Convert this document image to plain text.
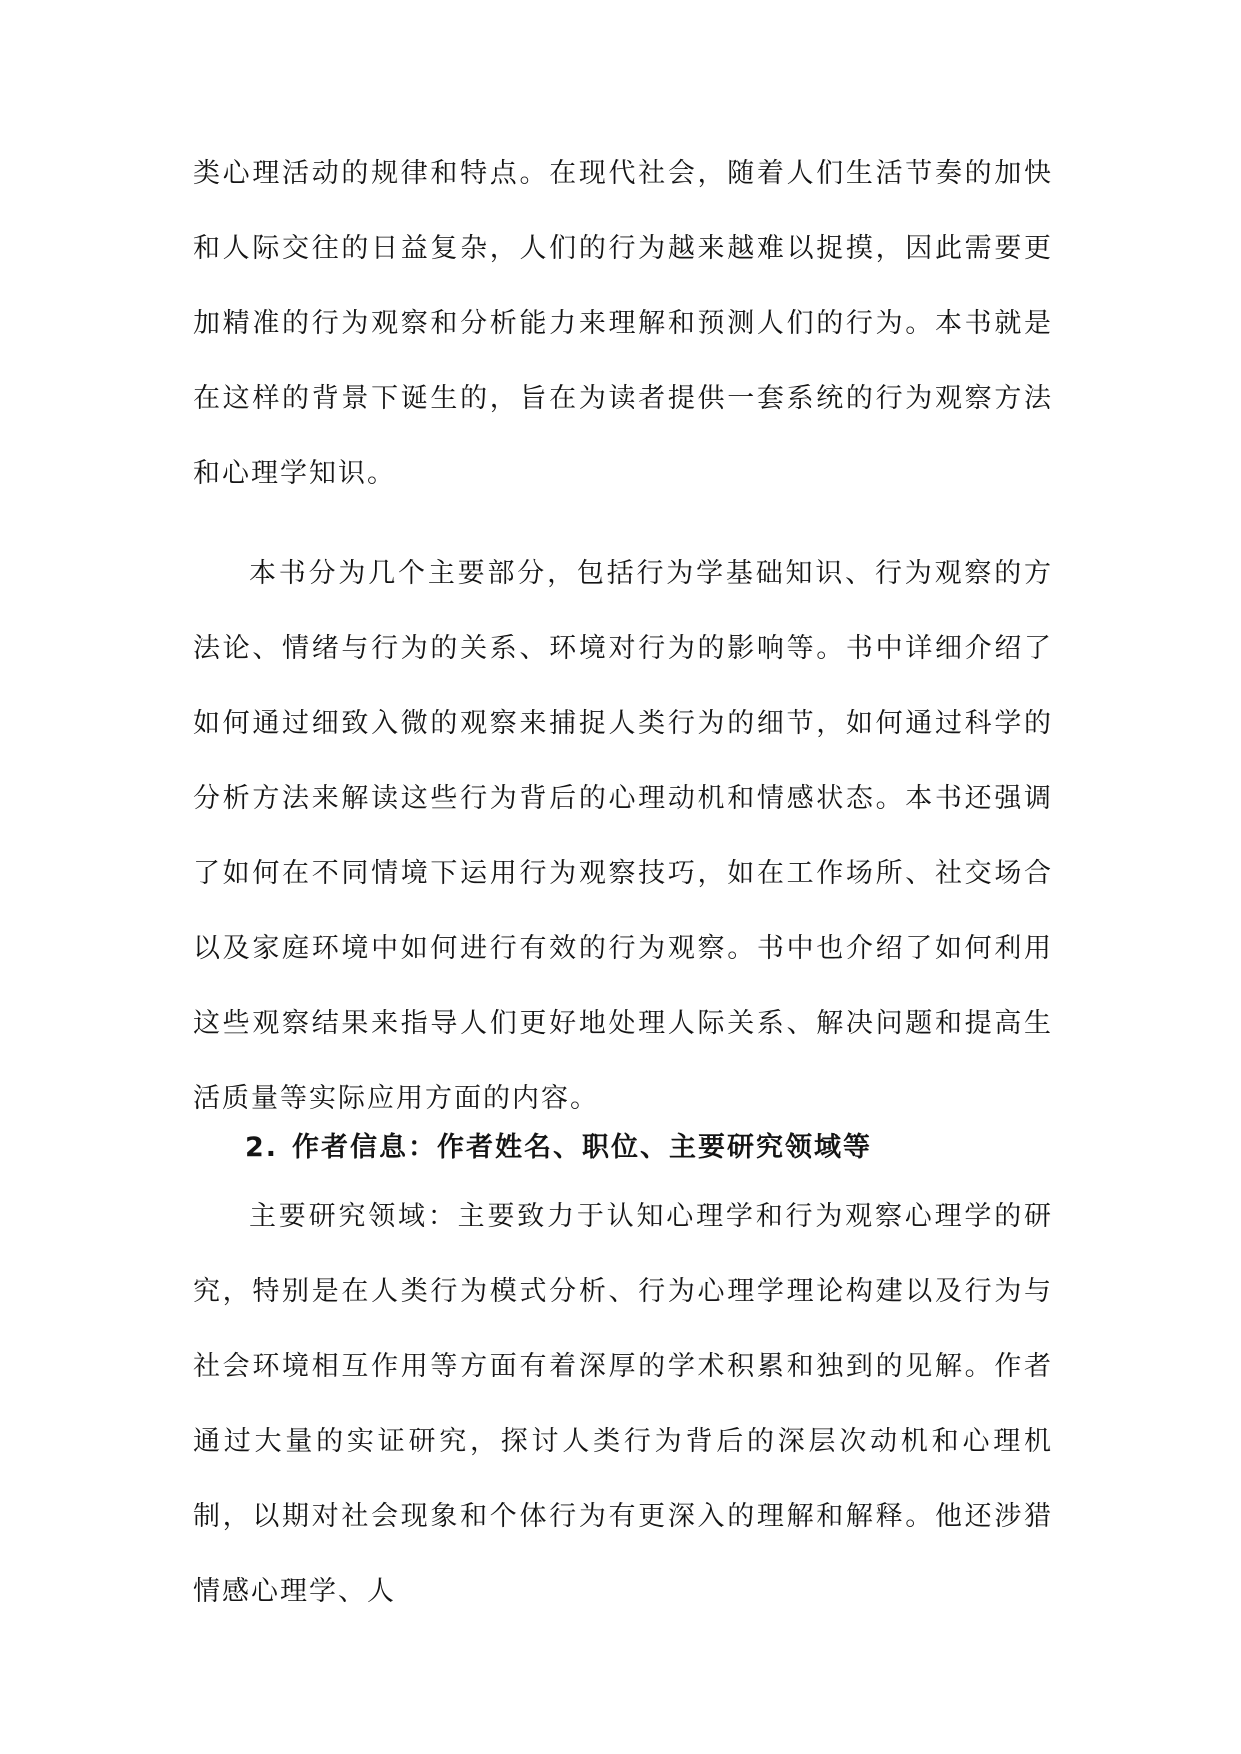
类心理活动的规律和特点。在现代社会，随着人们生活节奏的加快和人际交往的日益复杂，人们的行为越来越难以捉摸，因此需要更加精准的行为观察和分析能力来理解和预测人们的行为。本书就是在这样的背景下诞生的，旨在为读者提供一套系统的行为观察方法和心理学知识。

本书分为几个主要部分，包括行为学基础知识、行为观察的方法论、情绪与行为的关系、环境对行为的影响等。书中详细介绍了如何通过细致入微的观察来捕捉人类行为的细节，如何通过科学的分析方法来解读这些行为背后的心理动机和情感状态。本书还强调了如何在不同情境下运用行为观察技巧，如在工作场所、社交场合以及家庭环境中如何进行有效的行为观察。书中也介绍了如何利用这些观察结果来指导人们更好地处理人际关系、解决问题和提高生活质量等实际应用方面的内容。

2. 作者信息：作者姓名、职位、主要研究领域等

主要研究领域：主要致力于认知心理学和行为观察心理学的研究，特别是在人类行为模式分析、行为心理学理论构建以及行为与社会环境相互作用等方面有着深厚的学术积累和独到的见解。作者通过大量的实证研究，探讨人类行为背后的深层次动机和心理机制，以期对社会现象和个体行为有更深入的理解和解释。他还涉猎情感心理学、人
